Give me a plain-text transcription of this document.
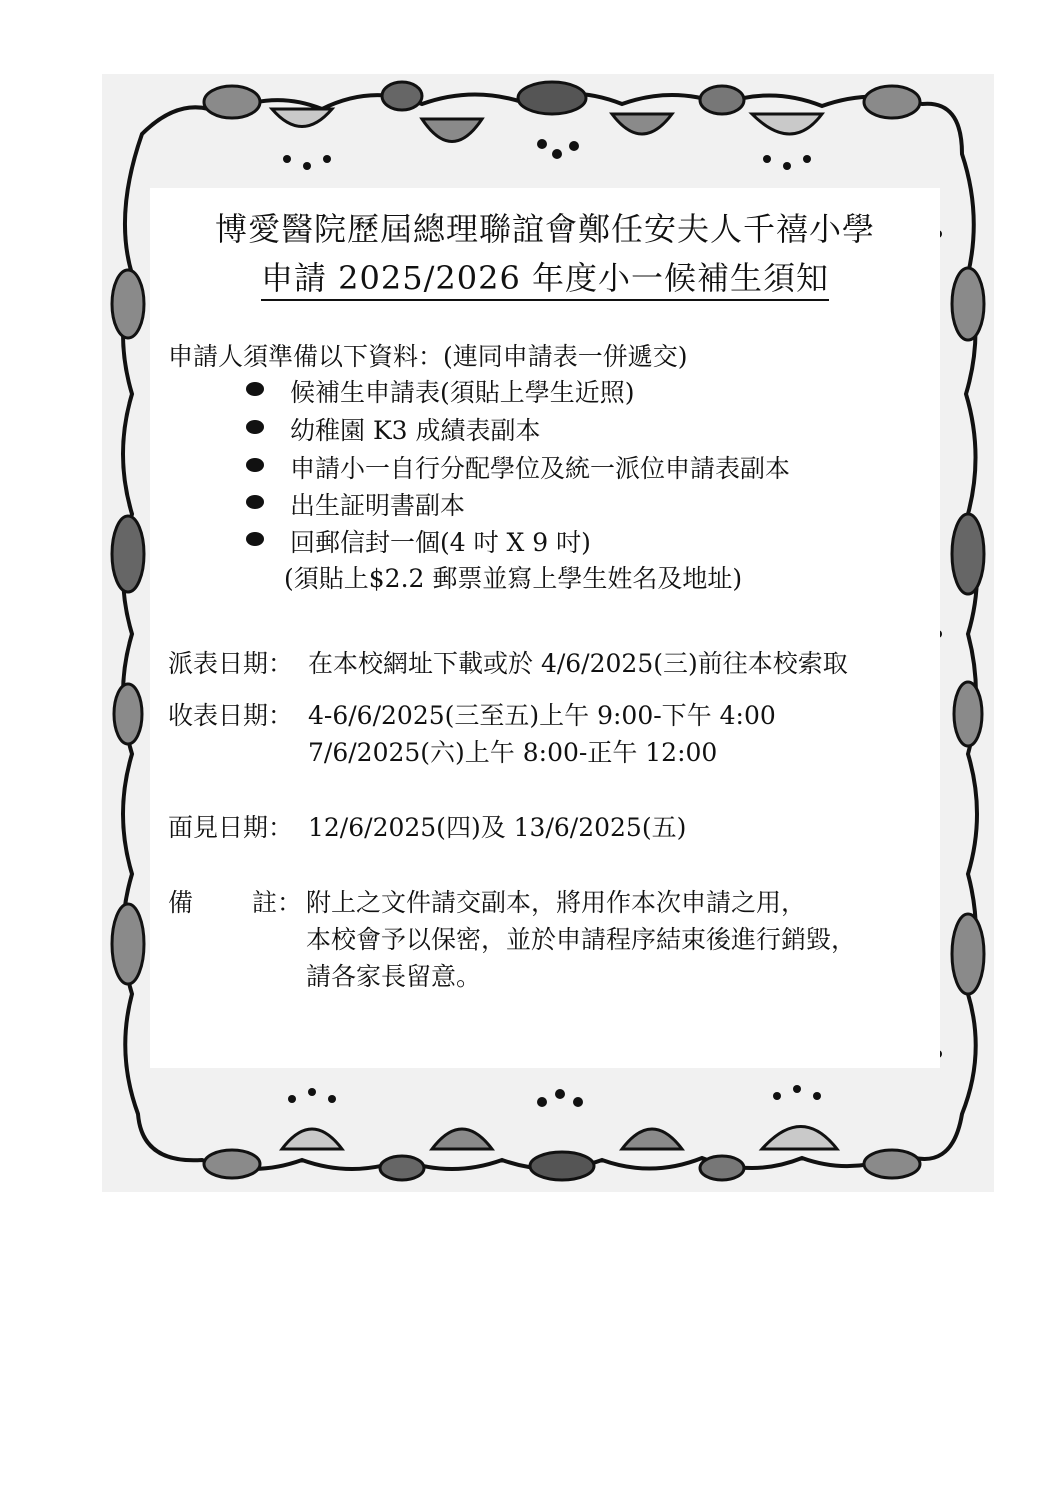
博愛醫院歷屆總理聯誼會鄭任安夫人千禧小學
申請 2025/2026 年度小一候補生須知
申請人須準備以下資料：(連同申請表一併遞交)
候補生申請表(須貼上學生近照)
幼稚園 K3 成績表副本
申請小一自行分配學位及統一派位申請表副本
出生証明書副本
回郵信封一個(4 吋 X 9 吋)
(須貼上$2.2 郵票並寫上學生姓名及地址)
派表日期： 在本校網址下載或於 4/6/2025(三)前往本校索取
收表日期： 4-6/6/2025(三至五)上午 9:00-下午 4:00
7/6/2025(六)上午 8:00-正午 12:00
面見日期： 12/6/2025(四)及 13/6/2025(五)
備 註： 附上之文件請交副本，將用作本次申請之用，
本校會予以保密，並於申請程序結束後進行銷毀，
請各家長留意。
